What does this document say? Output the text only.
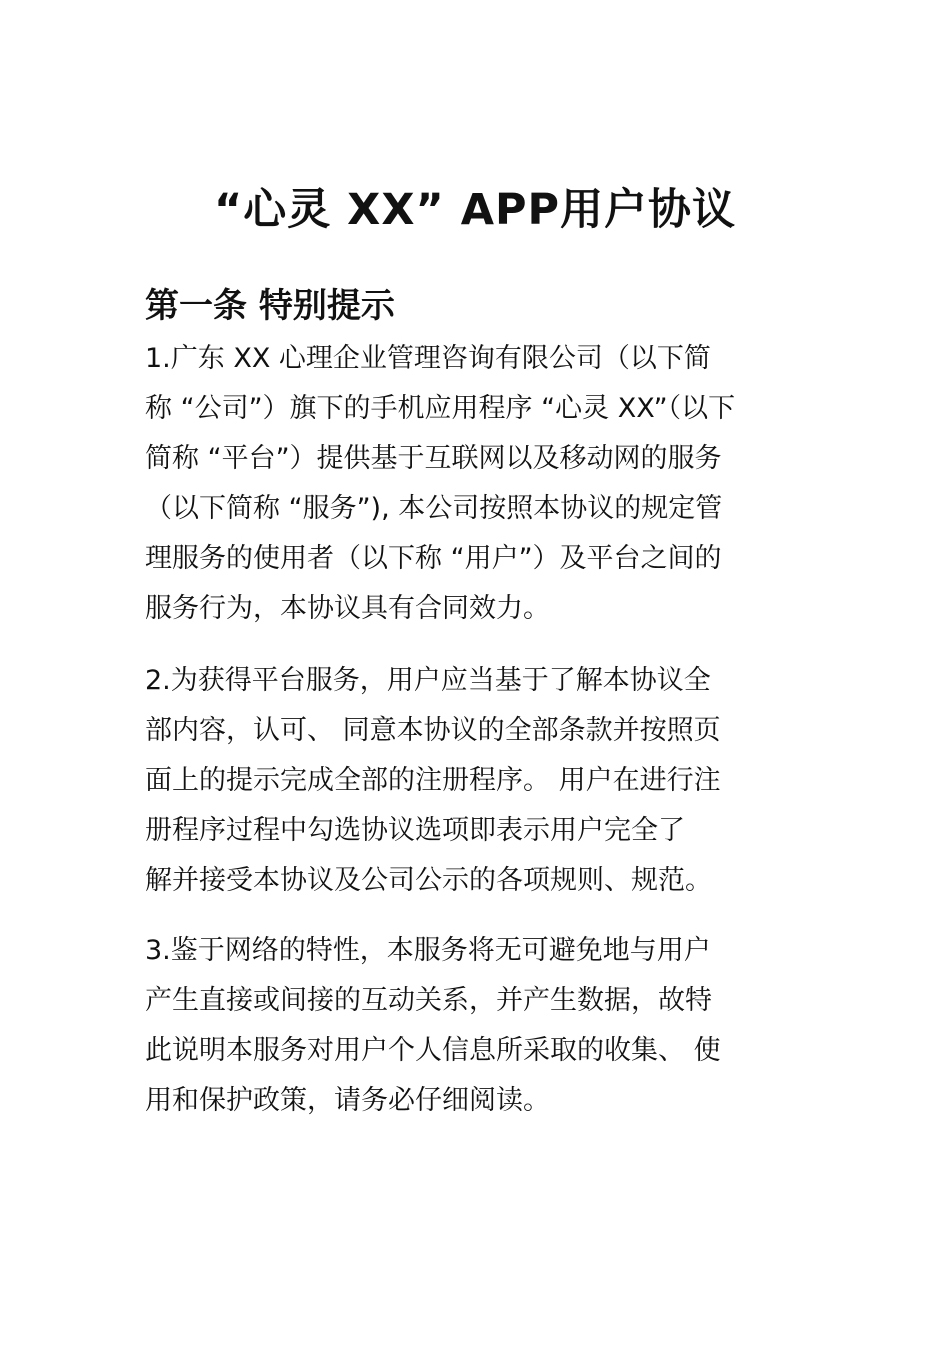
“心灵 XX” APP用户协议
第一条 特别提示
1.广东 XX 心理企业管理咨询有限公司（以下简
称 “公司”）旗下的手机应用程序 “心灵 XX”（以下
简称 “平台”）提供基于互联网以及移动网的服务
（以下简称 “服务”), 本公司按照本协议的规定管
理服务的使用者（以下称 “用户”）及平台之间的
服务行为，本协议具有合同效力。
2.为获得平台服务，用户应当基于了解本协议全
部内容，认可、 同意本协议的全部条款并按照页
面上的提示完成全部的注册程序。 用户在进行注
册程序过程中勾选协议选项即表示用户完全了
解并接受本协议及公司公示的各项规则、规范。
3.鉴于网络的特性，本服务将无可避免地与用户
产生直接或间接的互动关系，并产生数据，故特
此说明本服务对用户个人信息所采取的收集、 使
用和保护政策，请务必仔细阅读。
